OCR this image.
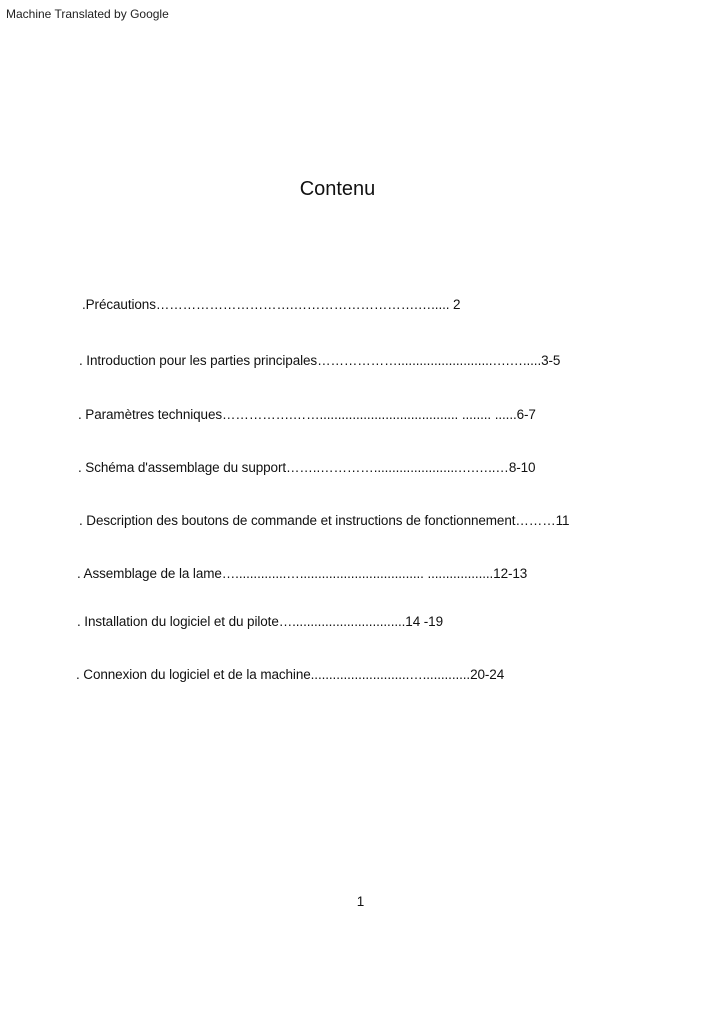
Machine Translated by Google
Contenu
.Précautions………………………….……………………….…..... 2
. Introduction pour les parties principales………………..........................….….....3-5
. Paramètres techniques…………….……...................................... ........ ......6-7
. Schéma d'assemblage du support……..………….......................….…..…8-10
. Description des boutons de commande et instructions de fonctionnement………11
. Assemblage de la lame…..............….................................. ..................12-13
. Installation du logiciel et du pilote…...............................14 -19
. Connexion du logiciel et de la machine...........................….............20-24
1
